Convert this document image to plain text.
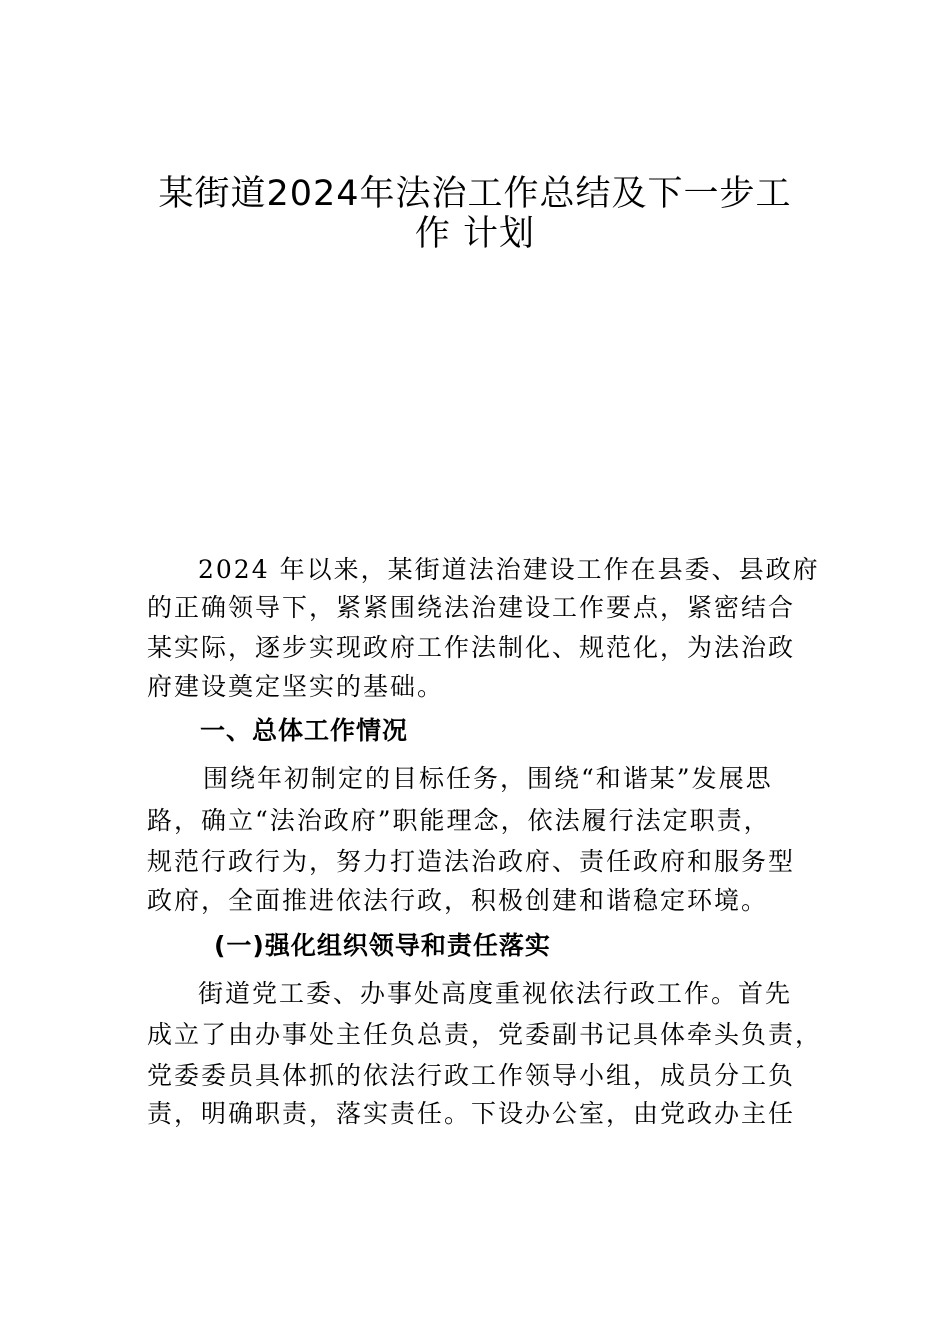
某街道2024年法治工作总结及下一步工
作 计划
2024 年以来，某街道法治建设工作在县委、县政府
的正确领导下，紧紧围绕法治建设工作要点，紧密结合
某实际，逐步实现政府工作法制化、规范化，为法治政
府建设奠定坚实的基础。
一、总体工作情况
围绕年初制定的目标任务，围绕“和谐某”发展思
路，确立“法治政府”职能理念，依法履行法定职责，
规范行政行为，努力打造法治政府、责任政府和服务型
政府，全面推进依法行政，积极创建和谐稳定环境。
(一)强化组织领导和责任落实
街道党工委、办事处高度重视依法行政工作。首先
成立了由办事处主任负总责，党委副书记具体牵头负责，
党委委员具体抓的依法行政工作领导小组，成员分工负
责，明确职责，落实责任。下设办公室，由党政办主任
